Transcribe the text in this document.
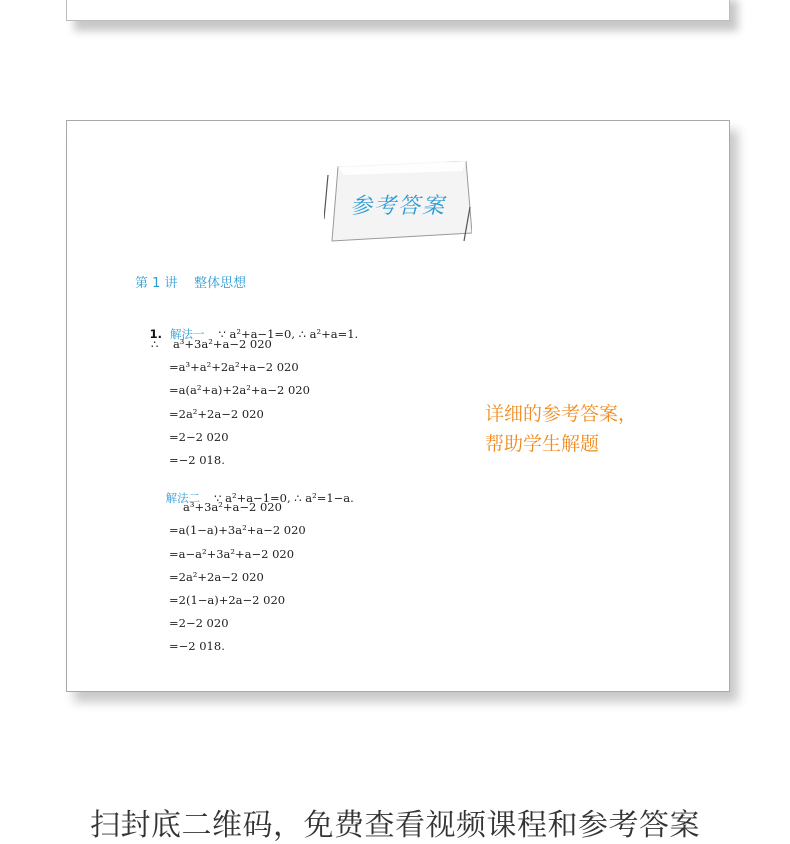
参考答案
第 1 讲    整体思想

1. 解法一 ∵ a²+a−1=0, ∴ a²+a=1.

∴    a³+3a²+a−2 020
=a³+a²+2a²+a−2 020
=a(a²+a)+2a²+a−2 020
=2a²+2a−2 020
=2−2 020
=−2 018.

解法二 ∵ a²+a−1=0, ∴ a²=1−a.

a³+3a²+a−2 020
=a(1−a)+3a²+a−2 020
=a−a²+3a²+a−2 020
=2a²+2a−2 020
=2(1−a)+2a−2 020
=2−2 020
=−2 018.
详细的参考答案，
帮助学生解题
扫封底二维码，免费查看视频课程和参考答案
